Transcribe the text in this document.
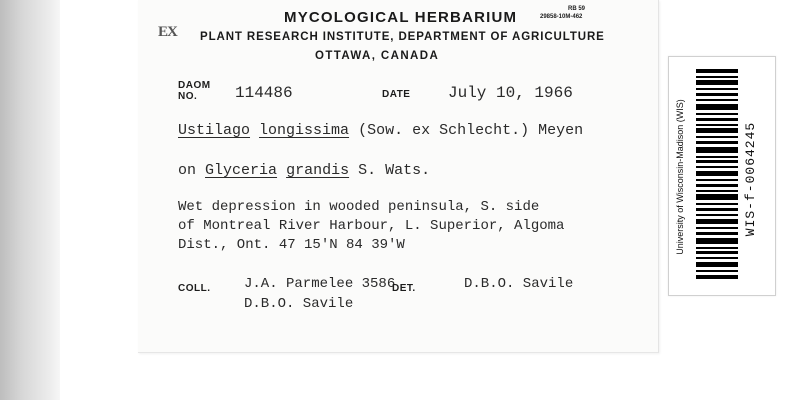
MYCOLOGICAL HERBARIUM	RB 59
29858-10M-462
EX PLANT RESEARCH INSTITUTE, DEPARTMENT OF AGRICULTURE
OTTAWA, CANADA
DAOM
NO. 114486	DATE July 10, 1966
Ustilago longissima (Sow. ex Schlecht.) Meyen
on Glyceria grandis S. Wats.
Wet depression in wooded peninsula, S. side
of Montreal River Harbour, L. Superior, Algoma
Dist., Ont. 47 15'N 84 39'W
COLL. J.A. Parmelee 3586
D.B.O. Savile
DET.	D.B.O. Savile
University of Wisconsin-Madison (WIS)	WIS-f-0064245
